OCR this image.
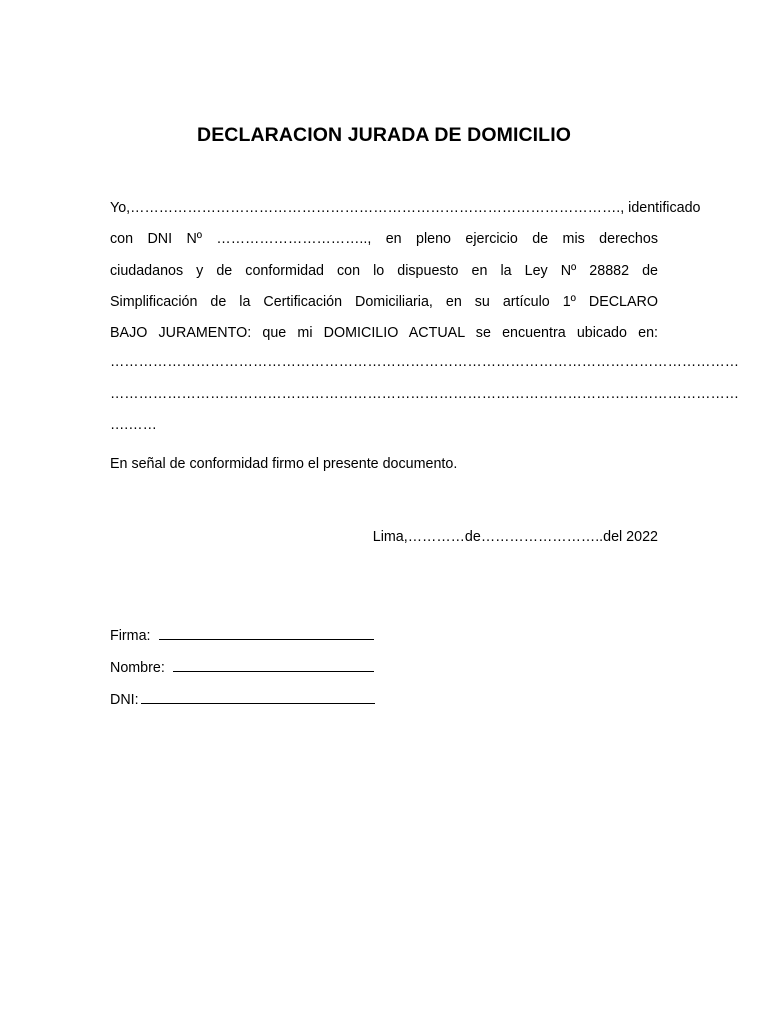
DECLARACION JURADA DE DOMICILIO
Yo,…………………………………………………………………………………………., identificado
con DNI Nº ………………………….., en pleno ejercicio de mis derechos
ciudadanos y de conformidad con lo dispuesto en la Ley Nº 28882 de
Simplificación de la Certificación Domiciliaria, en su artículo 1º DECLARO
BAJO JURAMENTO: que mi DOMICILIO ACTUAL se encuentra ubicado en:
……………………………………………………………………………………………………………………
……………………………………………………………………………………………………………………
….……
En señal de conformidad firmo el presente documento.
Lima,…………de……………………..del 2022
Firma:
Nombre:
DNI:
